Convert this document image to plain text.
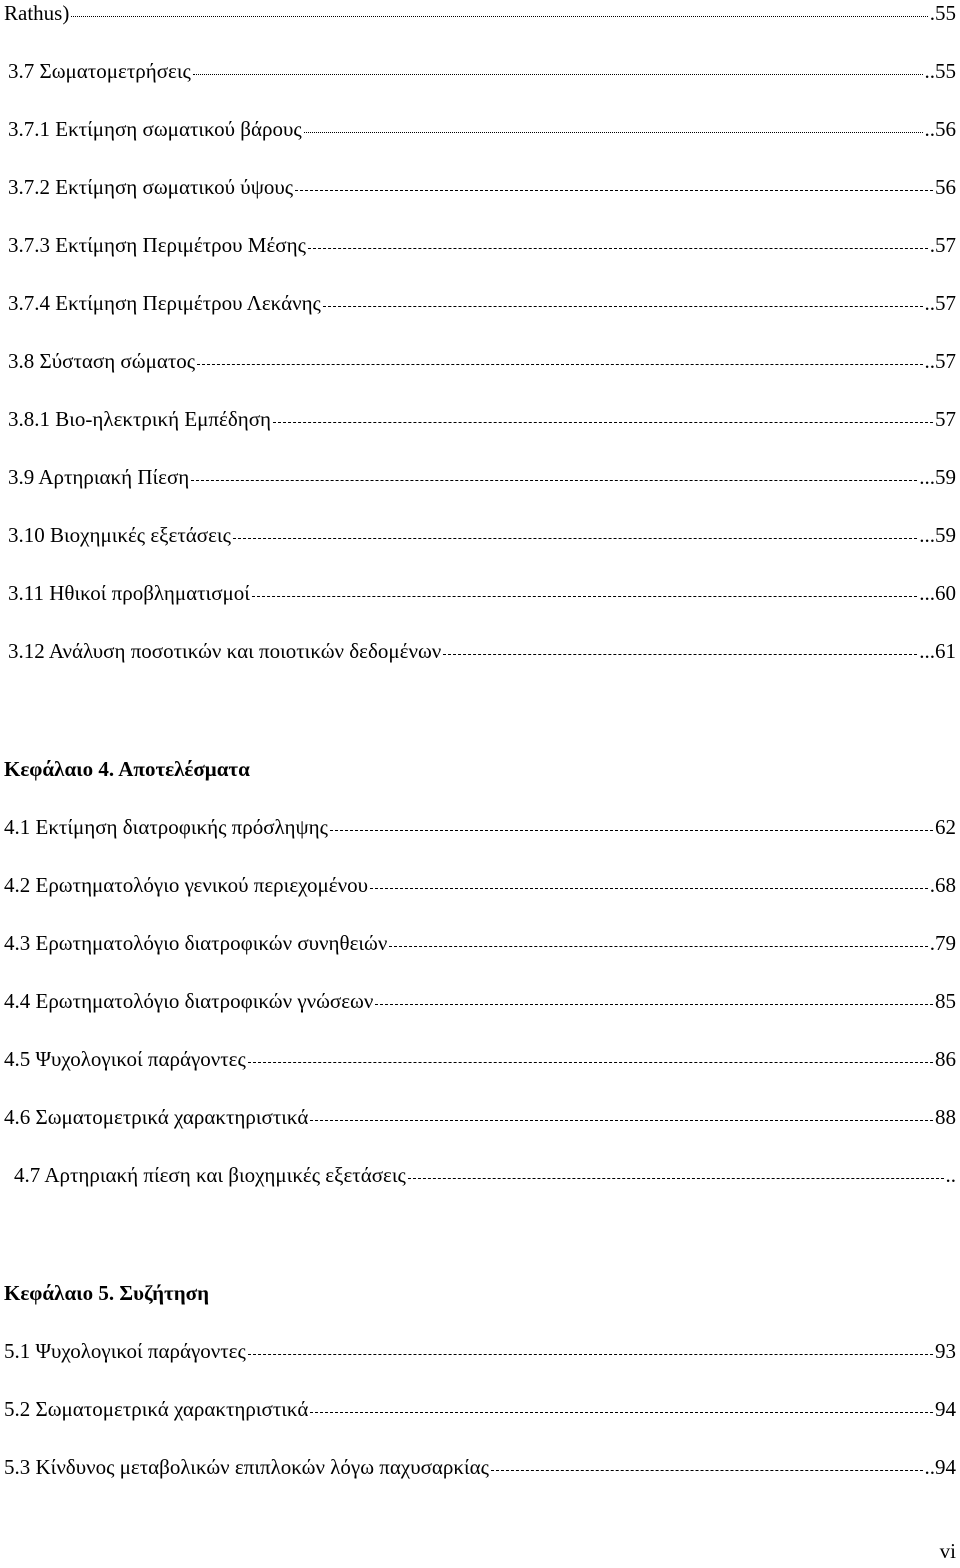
Rathus)	.55
3.7 Σωματομετρήσεις	..55
3.7.1 Εκτίμηση σωματικού βάρους	..56
3.7.2 Εκτίμηση σωματικού ύψους	56
3.7.3 Εκτίμηση Περιμέτρου Μέσης	.57
3.7.4 Εκτίμηση Περιμέτρου Λεκάνης	..57
3.8 Σύσταση σώματος	..57
3.8.1 Βιο-ηλεκτρική Εμπέδηση	57
3.9 Αρτηριακή Πίεση	...59
3.10 Βιοχημικές εξετάσεις	...59
3.11 Ηθικοί προβληματισμοί	...60
3.12 Ανάλυση ποσοτικών και ποιοτικών δεδομένων	...61
Κεφάλαιο 4. Αποτελέσματα
4.1 Εκτίμηση διατροφικής πρόσληψης	62
4.2 Ερωτηματολόγιο γενικού περιεχομένου	.68
4.3 Ερωτηματολόγιο διατροφικών συνηθειών	.79
4.4 Ερωτηματολόγιο διατροφικών γνώσεων	85
4.5 Ψυχολογικοί παράγοντες	86
4.6 Σωματομετρικά χαρακτηριστικά	88
4.7 Αρτηριακή πίεση και βιοχημικές εξετάσεις	..
Κεφάλαιο 5. Συζήτηση
5.1 Ψυχολογικοί παράγοντες	93
5.2 Σωματομετρικά χαρακτηριστικά	94
5.3 Κίνδυνος μεταβολικών επιπλοκών λόγω παχυσαρκίας	..94
vi
